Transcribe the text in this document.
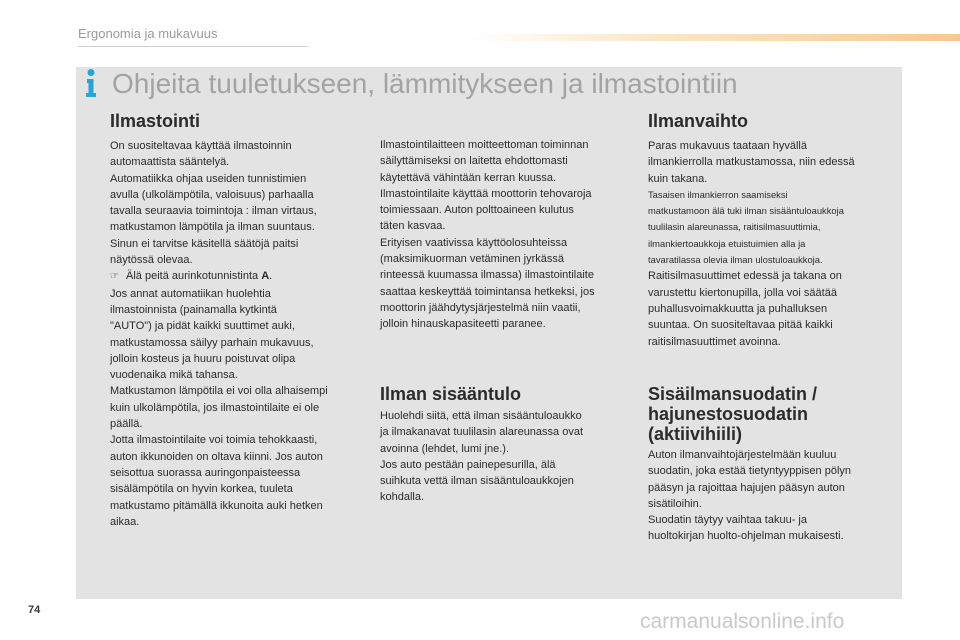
Ergonomia ja mukavuus
Ohjeita tuuletukseen, lämmitykseen ja ilmastointiin
Ilmastointi
On suositeltavaa käyttää ilmastoinnin
automaattista sääntelyä.
Automatiikka ohjaa useiden tunnistimien
avulla (ulkolämpötila, valoisuus) parhaalla
tavalla seuraavia toimintoja : ilman virtaus,
matkustamon lämpötila ja ilman suuntaus.
Sinun ei tarvitse käsitellä säätöjä paitsi
näytössä olevaa.
☞ Älä peitä aurinkotunnistinta A.
Jos annat automatiikan huolehtia
ilmastoinnista (painamalla kytkintä
"AUTO") ja pidät kaikki suuttimet auki,
matkustamossa säilyy parhain mukavuus,
jolloin kosteus ja huuru poistuvat olipa
vuodenaika mikä tahansa.
Matkustamon lämpötila ei voi olla alhaisempi
kuin ulkolämpötila, jos ilmastointilaite ei ole
päällä.
Jotta ilmastointilaite voi toimia tehokkaasti,
auton ikkunoiden on oltava kiinni. Jos auton
seisottua suorassa auringonpaisteessa
sisälämpötila on hyvin korkea, tuuleta
matkustamo pitämällä ikkunoita auki hetken
aikaa.
Ilmastointilaitteen moitteettoman toiminnan
säilyttämiseksi on laitetta ehdottomasti
käytettävä vähintään kerran kuussa.
Ilmastointilaite käyttää moottorin tehovaroja
toimiessaan. Auton polttoaineen kulutus
täten kasvaa.
Erityisen vaativissa käyttöolosuhteissa
(maksimikuorman vetäminen jyrkässä
rinteessä kuumassa ilmassa) ilmastointilaite
saattaa keskeyttää toimintansa hetkeksi, jos
moottorin jäähdytysjärjestelmä niin vaatii,
jolloin hinauskapasiteetti paranee.
Ilman sisääntulo
Huolehdi siitä, että ilman sisääntuloaukko
ja ilmakanavat tuulilasin alareunassa ovat
avoinna (lehdet, lumi jne.).
Jos auto pestään painepesurilla, älä
suihkuta vettä ilman sisääntuloaukkojen
kohdalla.
Ilmanvaihto
Paras mukavuus taataan hyvällä
ilmankierrolla matkustamossa, niin edessä
kuin takana.
Tasaisen ilmankierron saamiseksi
matkustamoon älä tuki ilman sisääntuloaukkoja
tuulilasin alareunassa, raitisilmasuuttimia,
ilmankiertoaukkoja etuistuimien alla ja
tavaratilassa olevia ilman ulostuloaukkoja.
Raitisilmasuuttimet edessä ja takana on
varustettu kiertonupilla, jolla voi säätää
puhallusvoimakkuutta ja puhalluksen
suuntaa. On suositeltavaa pitää kaikki
raitisilmasuuttimet avoinna.
Sisäilmansuodatin /
hajunestosuodatin
(aktiivihiili)
Auton ilmanvaihtojärjestelmään kuuluu
suodatin, joka estää tietyntyyppisen pölyn
pääsyn ja rajoittaa hajujen pääsyn auton
sisätiloihin.
Suodatin täytyy vaihtaa takuu- ja
huoltokirjan huolto-ohjelman mukaisesti.
74	carmanualsonline.info
